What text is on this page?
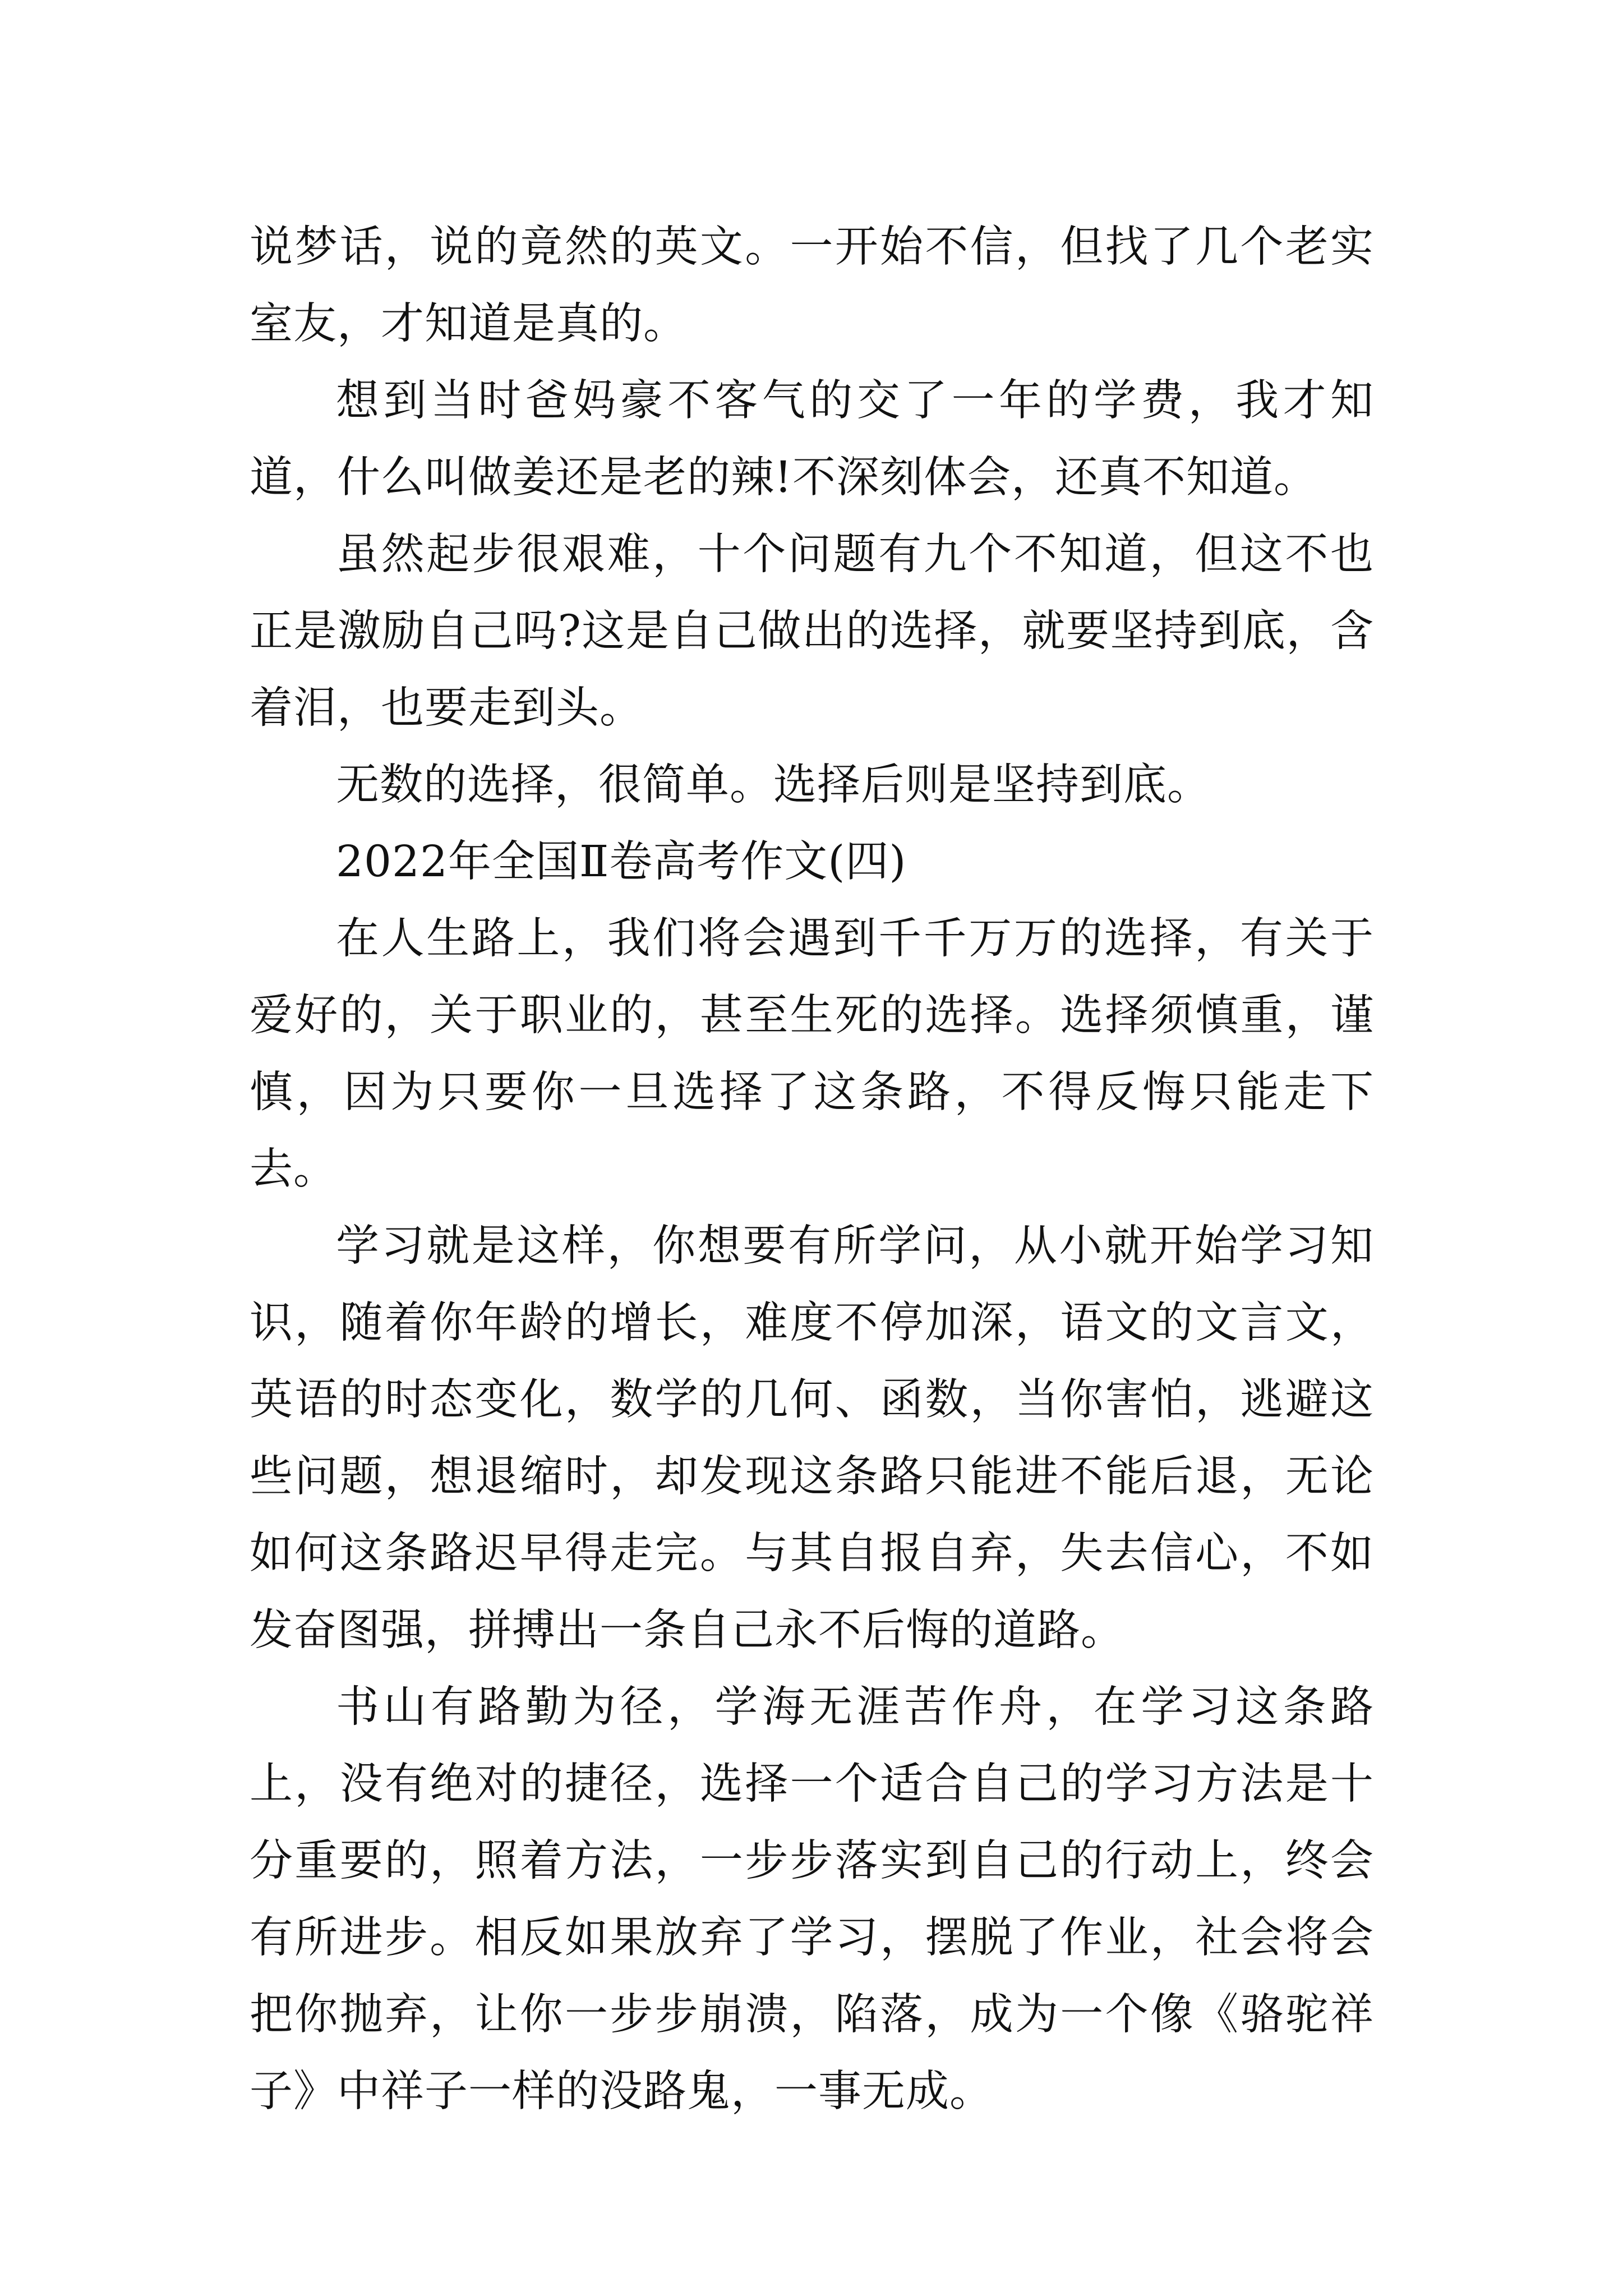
说梦话，说的竟然的英文。一开始不信，但找了几个老实室友，才知道是真的。

想到当时爸妈豪不客气的交了一年的学费，我才知道，什么叫做姜还是老的辣!不深刻体会，还真不知道。

虽然起步很艰难，十个问题有九个不知道，但这不也正是激励自己吗?这是自己做出的选择，就要坚持到底，含着泪，也要走到头。

无数的选择，很简单。选择后则是坚持到底。

2022年全国Ⅱ卷高考作文(四)

在人生路上，我们将会遇到千千万万的选择，有关于爱好的，关于职业的，甚至生死的选择。选择须慎重，谨慎，因为只要你一旦选择了这条路，不得反悔只能走下去。

学习就是这样，你想要有所学问，从小就开始学习知识，随着你年龄的增长，难度不停加深，语文的文言文，英语的时态变化，数学的几何、函数，当你害怕，逃避这些问题，想退缩时，却发现这条路只能进不能后退，无论如何这条路迟早得走完。与其自报自弃，失去信心，不如发奋图强，拼搏出一条自己永不后悔的道路。

书山有路勤为径，学海无涯苦作舟，在学习这条路上，没有绝对的捷径，选择一个适合自己的学习方法是十分重要的，照着方法，一步步落实到自己的行动上，终会有所进步。相反如果放弃了学习，摆脱了作业，社会将会把你抛弃，让你一步步崩溃，陷落，成为一个像《骆驼祥子》中祥子一样的没路鬼，一事无成。
